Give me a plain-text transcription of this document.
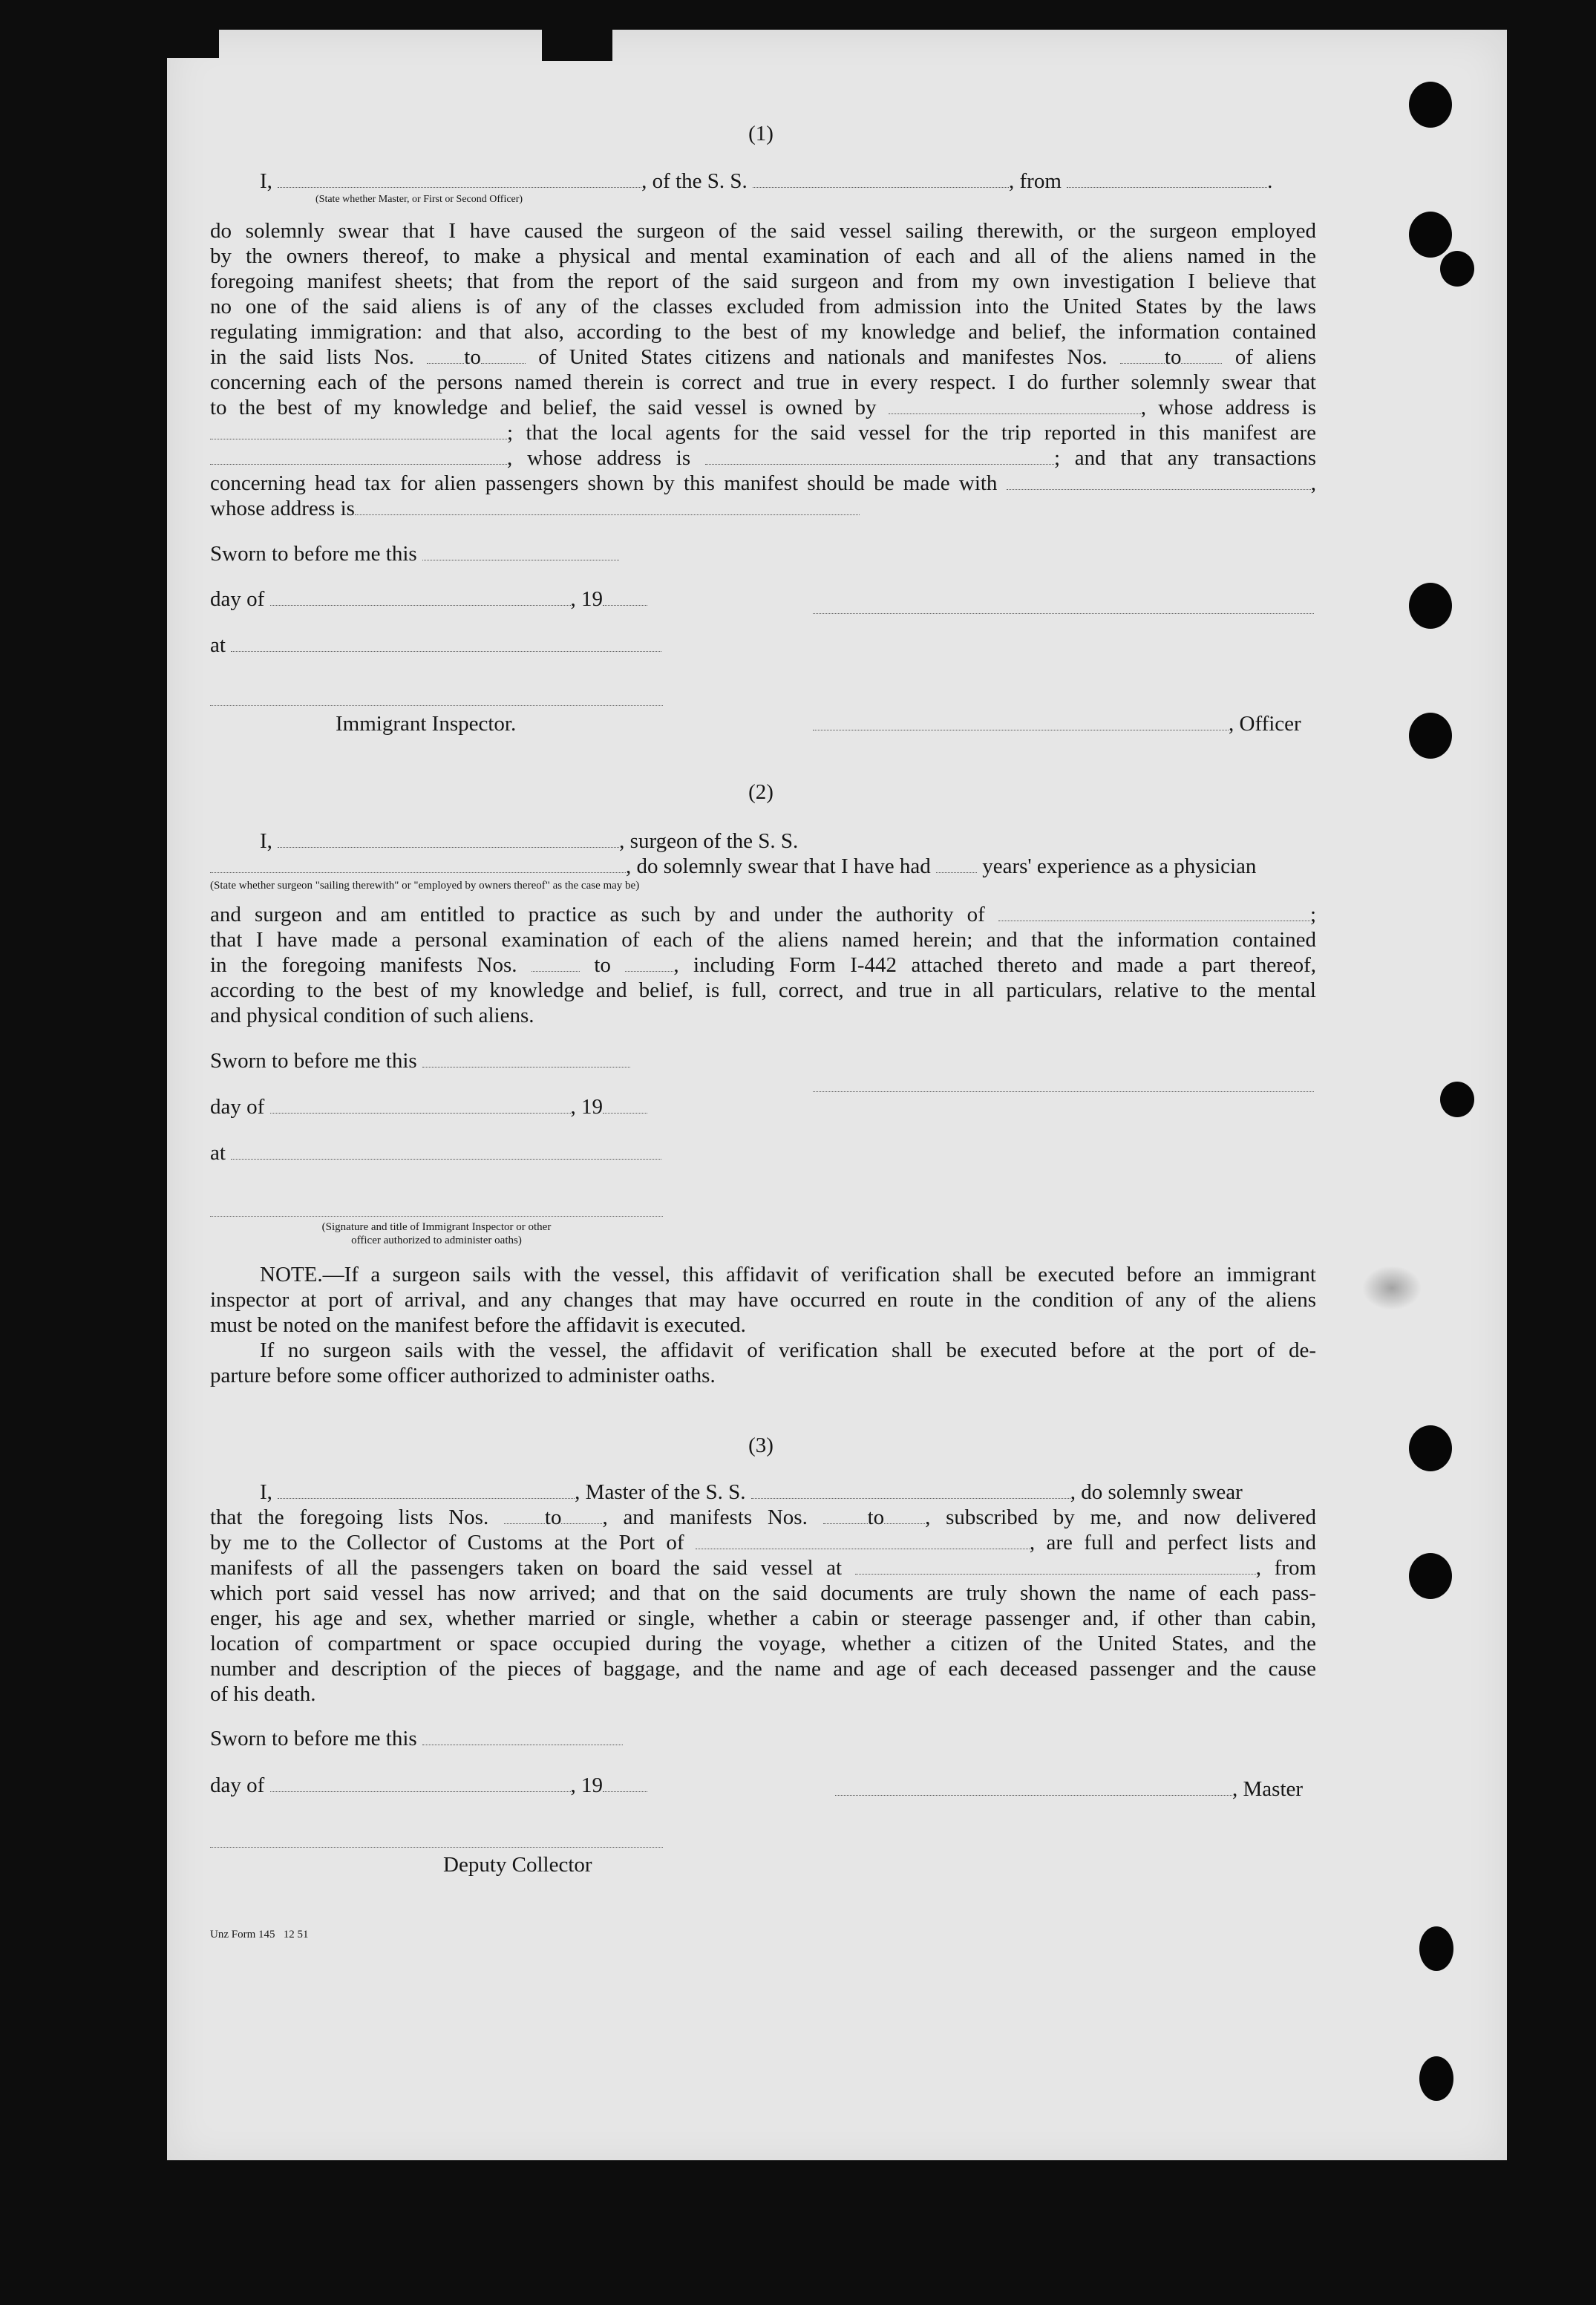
(1)
I,	, of the S. S.	, from	.
(State whether Master, or First or Second Officer)
do solemnly swear that I have caused the surgeon of the said vessel sailing therewith, or the surgeon employed
by the owners thereof, to make a physical and mental examination of each and all of the aliens named in the
foregoing manifest sheets; that from the report of the said surgeon and from my own investigation I believe that
no one of the said aliens is of any of the classes excluded from admission into the United States by the laws
regulating immigration: and that also, according to the best of my knowledge and belief, the information contained
in the said lists Nos. to	of United States citizens and nationals and manifestes Nos.	to of aliens
concerning each of the persons named therein is correct and true in every respect. I do further solemnly swear that
to the best of my knowledge and belief, the said vessel is owned by	, whose address is
; that the local agents for the said vessel for the trip reported in this manifest are
, whose address is	; and that any transactions
concerning head tax for alien passengers shown by this manifest should be made with	,
whose address is
Sworn to before me this
day of	, 19
at
Immigrant Inspector.	, Officer
(2)
I,	, surgeon of the S. S.
, do solemnly swear that I have had years' experience as a physician
(State whether surgeon "sailing therewith" or "employed by owners thereof" as the case may be)
and surgeon and am entitled to practice as such by and under the authority of	;
that I have made a personal examination of each of the aliens named herein; and that the information contained
in the foregoing manifests Nos.	to	, including Form I-442 attached thereto and made a part thereof,
according to the best of my knowledge and belief, is full, correct, and true in all particulars, relative to the mental
and physical condition of such aliens.
Sworn to before me this
day of	, 19
at
(Signature and title of Immigrant Inspector or other
officer authorized to administer oaths)
NOTE.—If a surgeon sails with the vessel, this affidavit of verification shall be executed before an immigrant
inspector at port of arrival, and any changes that may have occurred en route in the condition of any of the aliens
must be noted on the manifest before the affidavit is executed.
If no surgeon sails with the vessel, the affidavit of verification shall be executed before at the port of de-
parture before some officer authorized to administer oaths.
(3)
I,	, Master of the S. S.	, do solemnly swear
that the foregoing lists Nos.	to , and manifests Nos.	to , subscribed by me, and now delivered
by me to the Collector of Customs at the Port of	, are full and perfect lists and
manifests of all the passengers taken on board the said vessel at	, from
which port said vessel has now arrived; and that on the said documents are truly shown the name of each pass-
enger, his age and sex, whether married or single, whether a cabin or steerage passenger and, if other than cabin,
location of compartment or space occupied during the voyage, whether a citizen of the United States, and the
number and description of the pieces of baggage, and the name and age of each deceased passenger and the cause
of his death.
Sworn to before me this
day of	, 19	, Master
Deputy Collector
Unz Form 145   12 51
